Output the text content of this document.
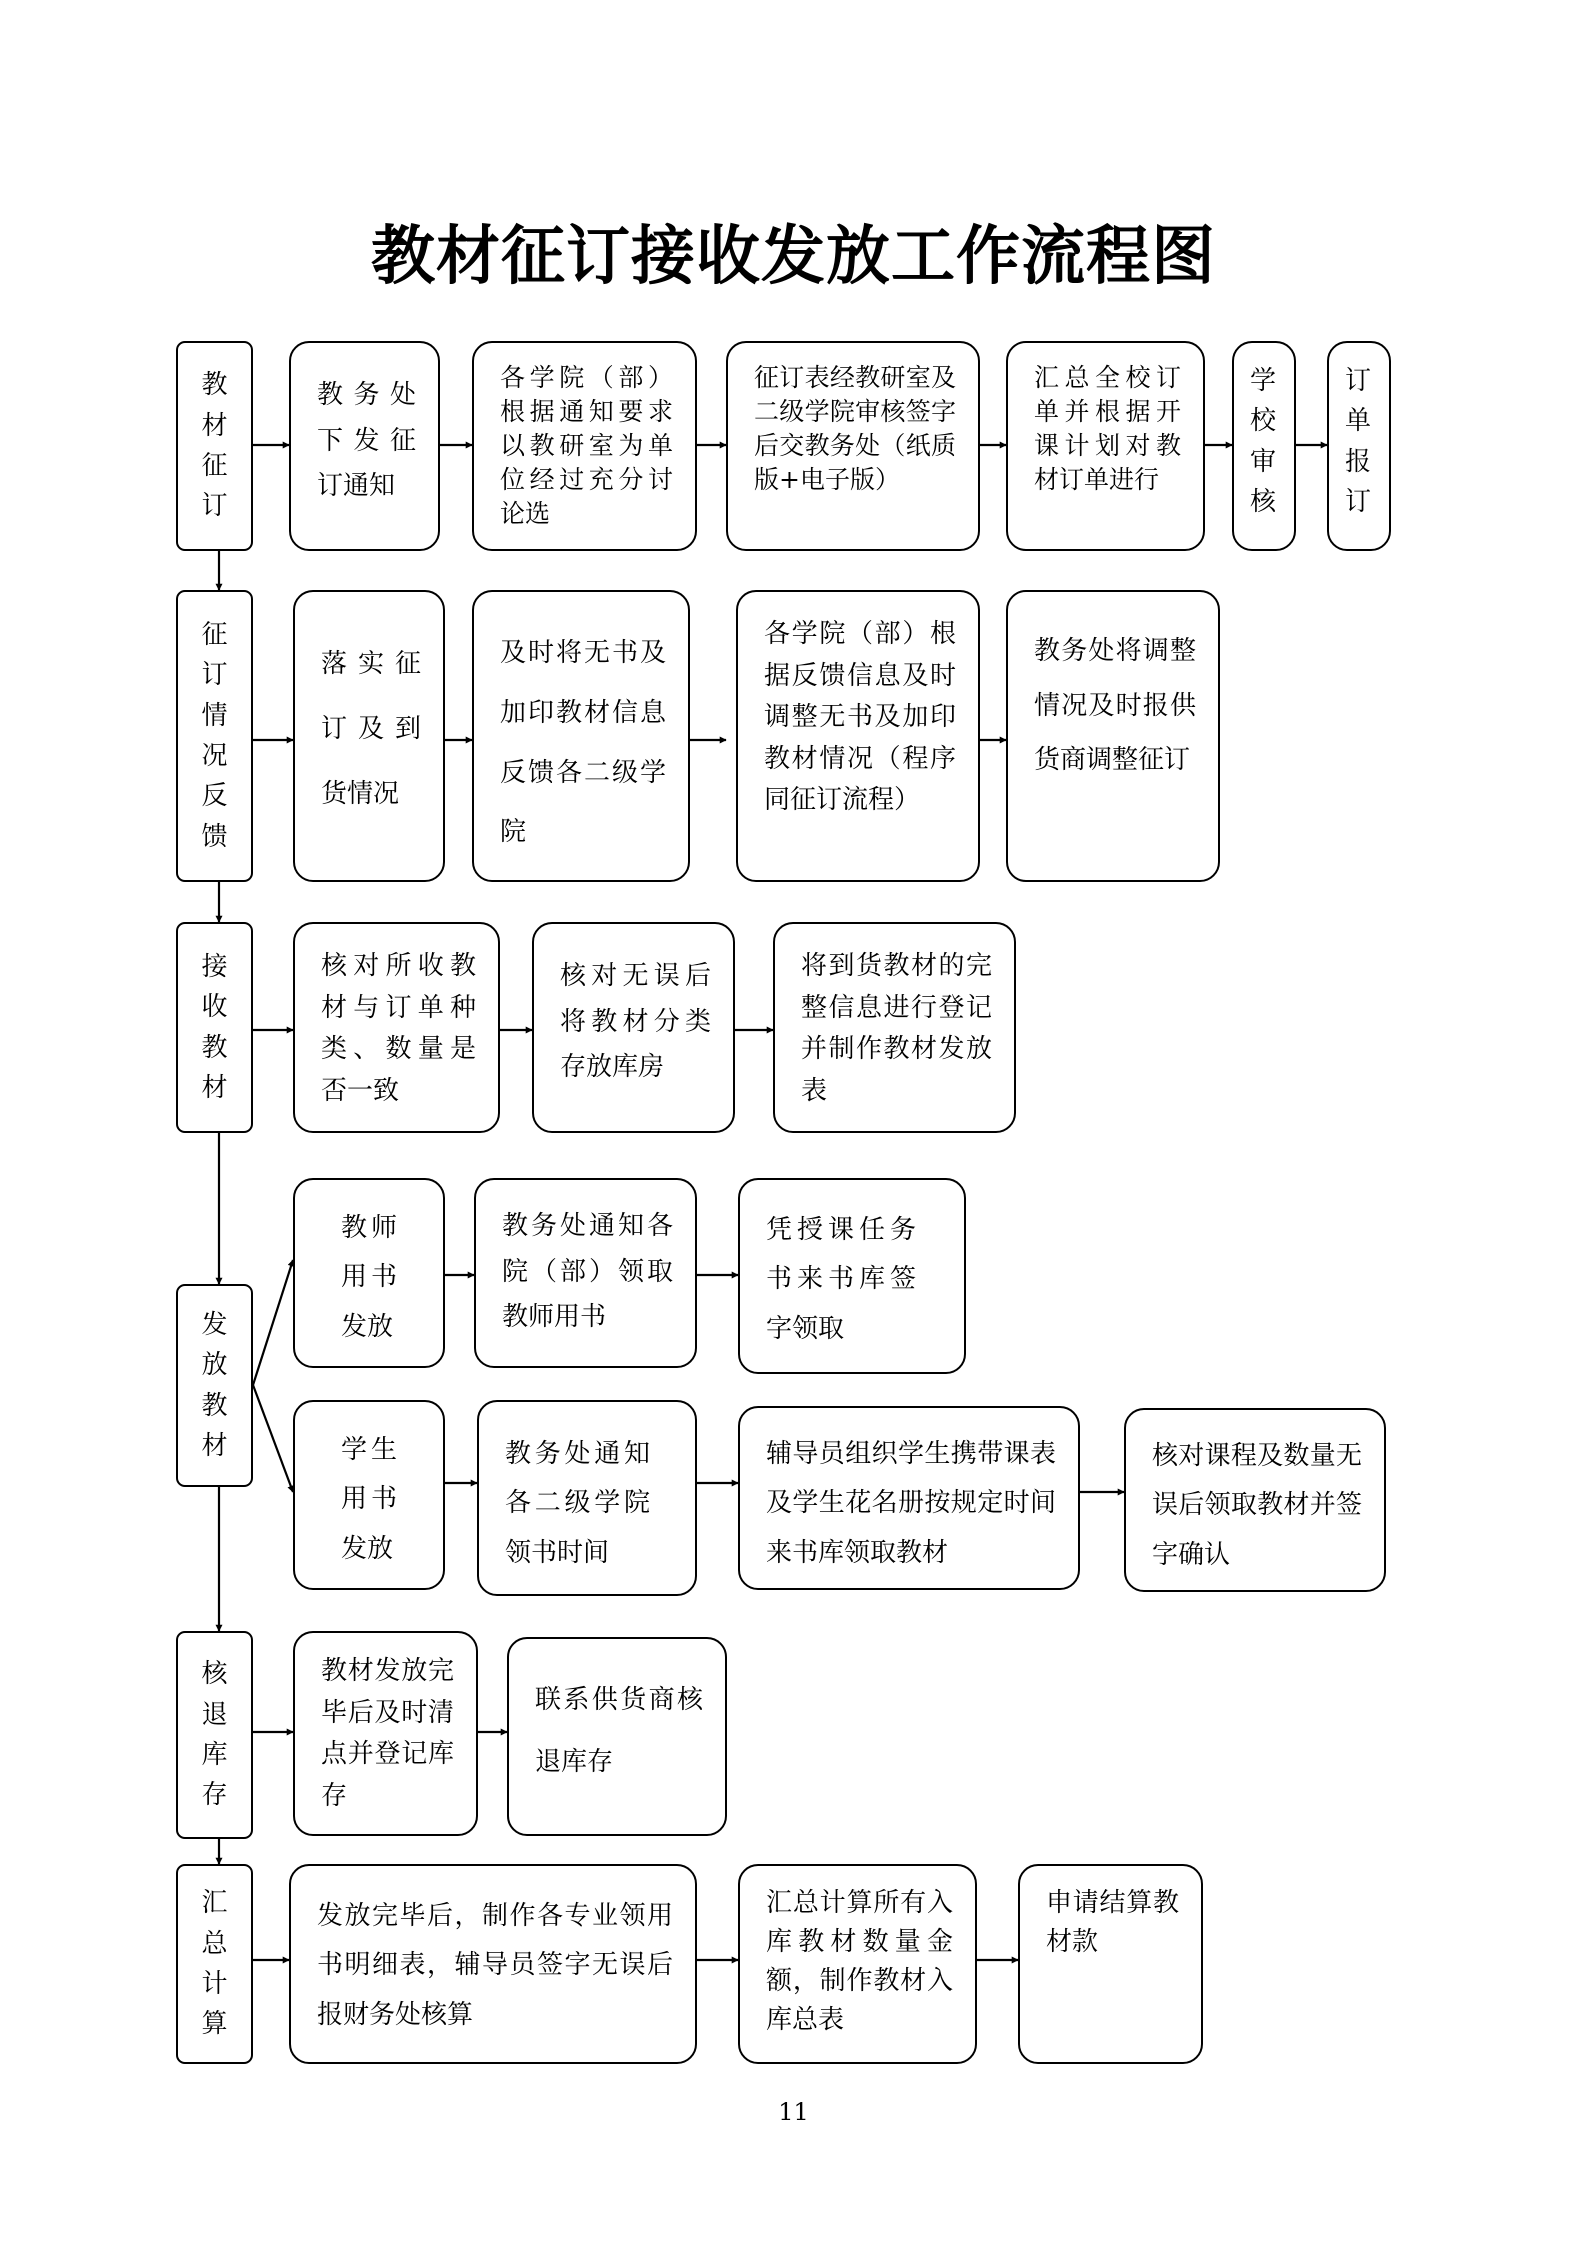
教材征订接收发放工作流程图
教材征订
征订情况反馈
接收教材
发放教材
核退库存
汇总计算
教务处下发征订通知
各学院（部）根据通知要求以教研室为单位经过充分讨论选
征订表经教研室及二级学院审核签字后交教务处（纸质版+电子版）
汇总全校订单并根据开课计划对教材订单进行
学校审核
订单报订
落实征订及到货情况
及时将无书及加印教材信息反馈各二级学院
各学院（部）根据反馈信息及时调整无书及加印教材情况（程序同征订流程）
教务处将调整情况及时报供货商调整征订
核对所收教材与订单种类、数量是否一致
核对无误后将教材分类存放库房
将到货教材的完整信息进行登记并制作教材发放表
教师用书发放
教务处通知各院（部）领取教师用书
凭授课任务书来书库签字领取
学生用书发放
教务处通知各二级学院领书时间
辅导员组织学生携带课表及学生花名册按规定时间来书库领取教材
核对课程及数量无误后领取教材并签字确认
教材发放完毕后及时清点并登记库存
联系供货商核退库存
发放完毕后，制作各专业领用书明细表，辅导员签字无误后报财务处核算
汇总计算所有入库教材数量金额，制作教材入库总表
申请结算教材款
11
